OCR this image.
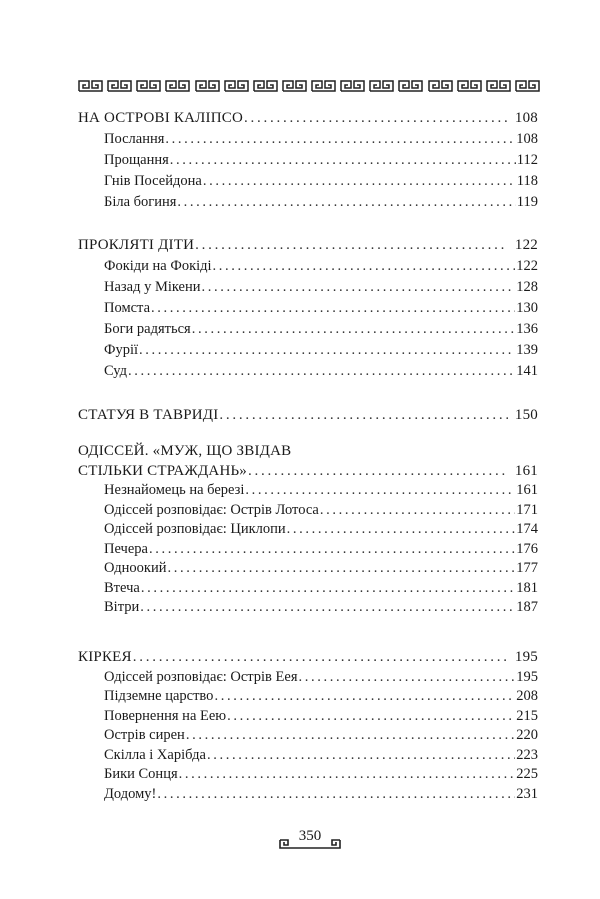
НА ОСТРОВІ КАЛІПСО . . .	108
Послання . . .	108
Прощання . . .	112
Гнів Посейдона . . .	118
Біла богиня . . .	119
ПРОКЛЯТІ ДІТИ . . .	122
Фокіди на Фокіді . . .	122
Назад у Мікени . . .	128
Помста . . .	130
Боги радяться . . .	136
Фурії . . .	139
Суд . . .	141
СТАТУЯ В ТАВРИДІ . . .	150
ОДІССЕЙ. «МУЖ, ЩО ЗВІДАВ
СТІЛЬКИ СТРАЖДАНЬ» . . .	161
Незнайомець на березі . . .	161
Одіссей розповідає: Острів Лотоса . . .	171
Одіссей розповідає: Циклопи . . .	174
Печера . . .	176
Одноокий . . .	177
Втеча . . .	181
Вітри . . .	187
КІРКЕЯ . . .	195
Одіссей розповідає: Острів Еея . . .	195
Підземне царство . . .	208
Повернення на Еею . . .	215
Острів сирен . . .	220
Скілла і Харібда . . .	223
Бики Сонця . . .	225
Додому! . . .	231
350
